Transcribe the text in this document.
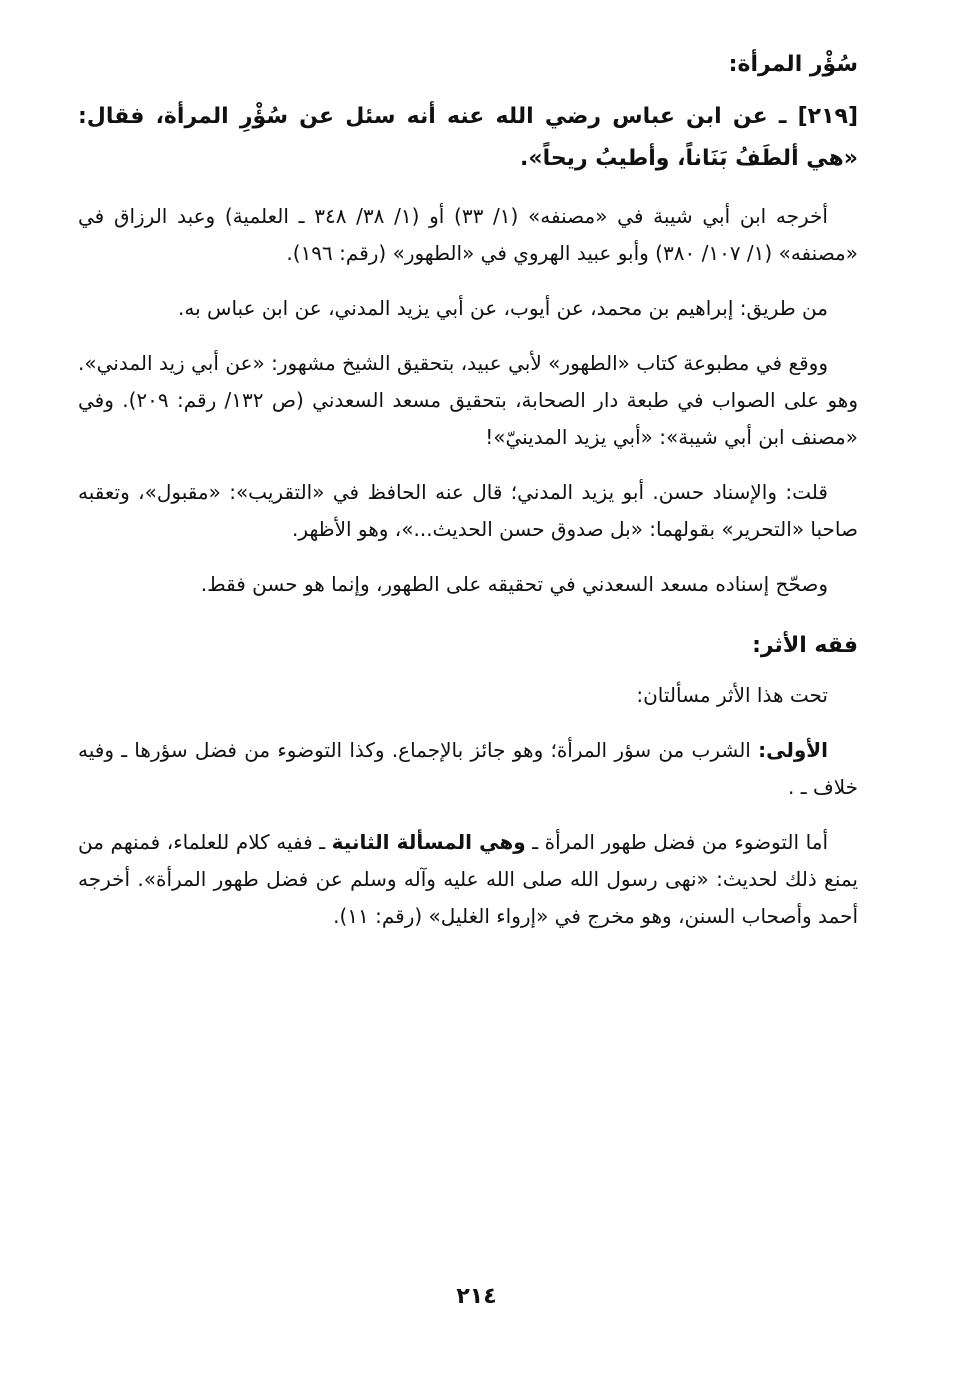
سُؤْر المرأة:
[٢١٩] ـ عن ابن عباس رضي الله عنه أنه سئل عن سُؤْرِ المرأة، فقال: «هي ألطَفُ بَنَاناً، وأطيبُ ريحاً».

أخرجه ابن أبي شيبة في «مصنفه» (١/ ٣٣) أو (١/ ٣٨/ ٣٤٨ ـ العلمية) وعبد الرزاق في «مصنفه» (١/ ١٠٧/ ٣٨٠) وأبو عبيد الهروي في «الطهور» (رقم: ١٩٦).

من طريق: إبراهيم بن محمد، عن أيوب، عن أبي يزيد المدني، عن ابن عباس به.

ووقع في مطبوعة كتاب «الطهور» لأبي عبيد، بتحقيق الشيخ مشهور: «عن أبي زيد المدني». وهو على الصواب في طبعة دار الصحابة، بتحقيق مسعد السعدني (ص ١٣٢/ رقم: ٢٠٩). وفي «مصنف ابن أبي شيبة»: «أبي يزيد المدينيّ»!

قلت: والإسناد حسن. أبو يزيد المدني؛ قال عنه الحافظ في «التقريب»: «مقبول»، وتعقبه صاحبا «التحرير» بقولهما: «بل صدوق حسن الحديث...»، وهو الأظهر.

وصحّح إسناده مسعد السعدني في تحقيقه على الطهور، وإنما هو حسن فقط.

فقه الأثر:

تحت هذا الأثر مسألتان:

الأولى: الشرب من سؤر المرأة؛ وهو جائز بالإجماع. وكذا التوضوء من فضل سؤرها ـ وفيه خلاف ـ .

أما التوضوء من فضل طهور المرأة ـ وهي المسألة الثانية ـ ففيه كلام للعلماء، فمنهم من يمنع ذلك لحديث: «نهى رسول الله صلى الله عليه وآله وسلم عن فضل طهور المرأة». أخرجه أحمد وأصحاب السنن، وهو مخرج في «إرواء الغليل» (رقم: ١١).

٢١٤
